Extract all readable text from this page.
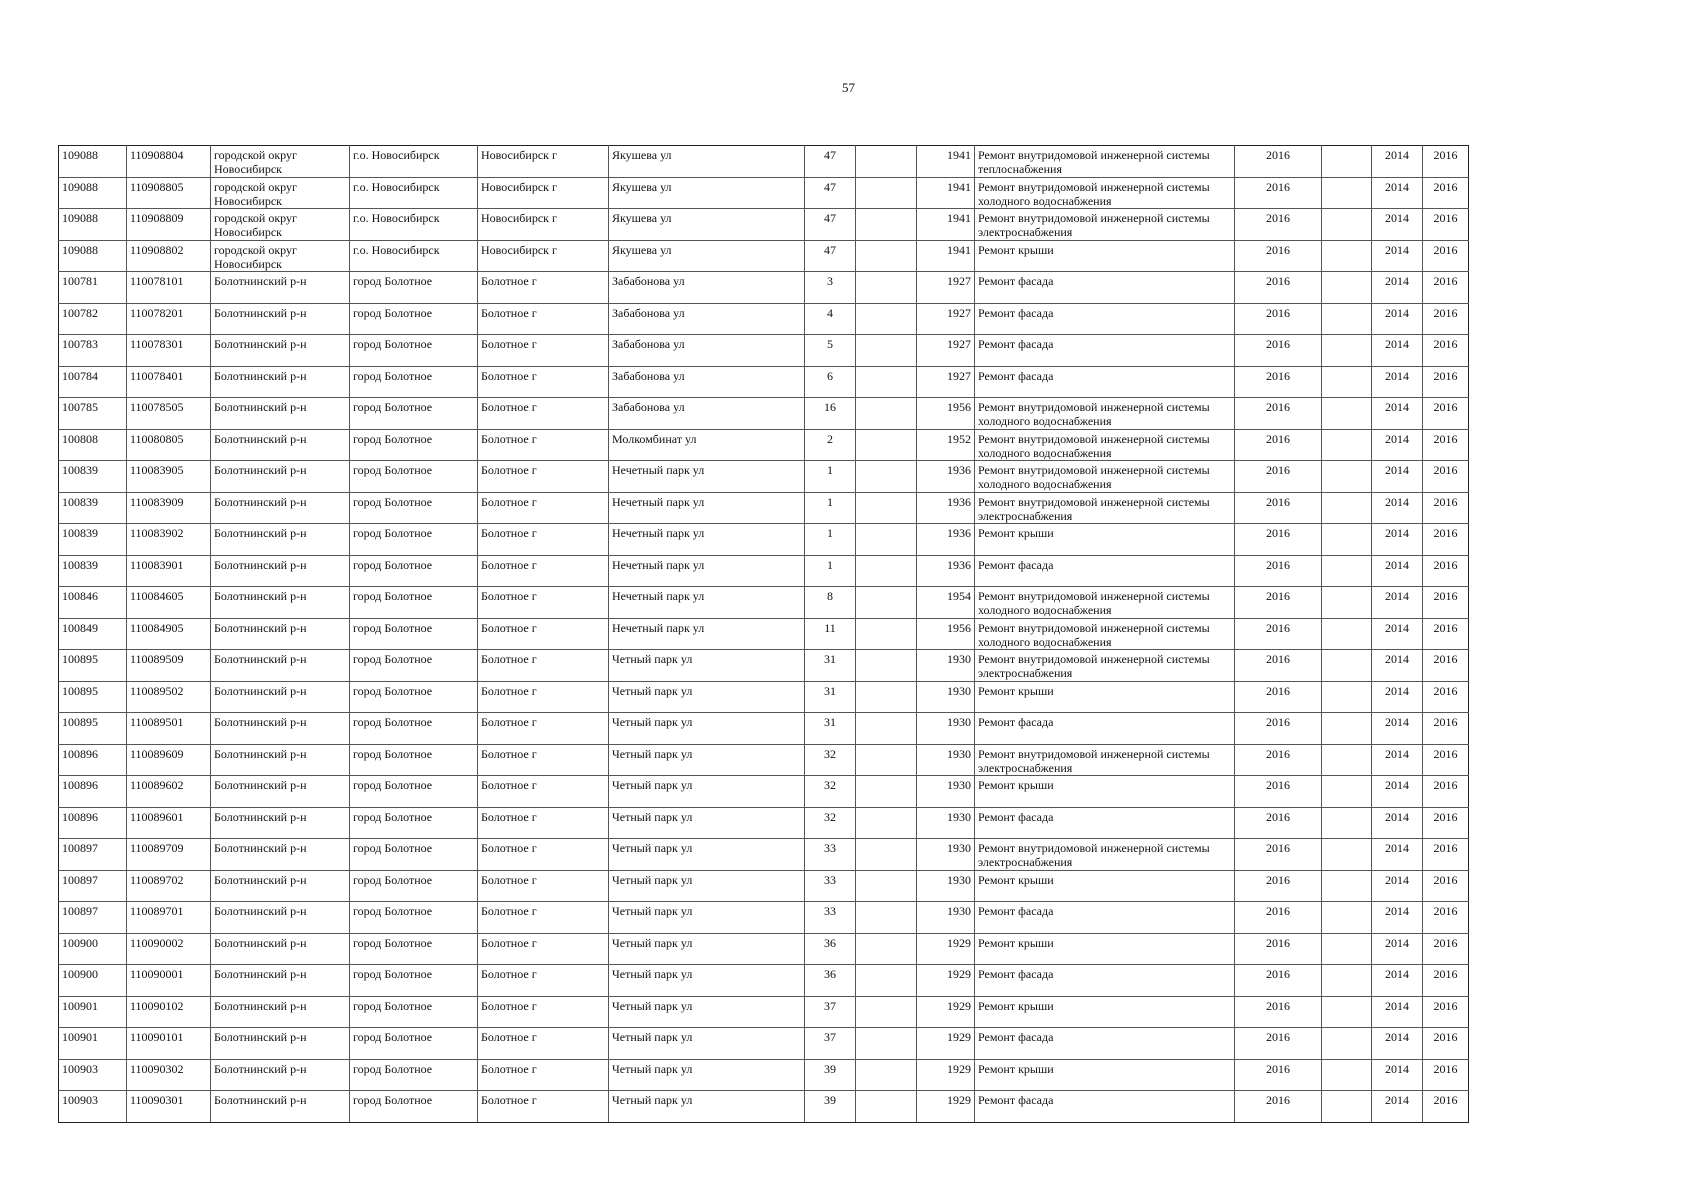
57
109088	110908804	городской округ Новосибирск	г.о. Новосибирск	Новосибирск г	Якушева ул	47		1941	Ремонт внутридомовой инженерной системы теплоснабжения	2016		2014	2016
109088	110908805	городской округ Новосибирск	г.о. Новосибирск	Новосибирск г	Якушева ул	47		1941	Ремонт внутридомовой инженерной системы холодного водоснабжения	2016		2014	2016
109088	110908809	городской округ Новосибирск	г.о. Новосибирск	Новосибирск г	Якушева ул	47		1941	Ремонт внутридомовой инженерной системы электроснабжения	2016		2014	2016
109088	110908802	городской округ Новосибирск	г.о. Новосибирск	Новосибирск г	Якушева ул	47		1941	Ремонт крыши	2016		2014	2016
100781	110078101	Болотнинский р-н	город Болотное	Болотное г	Забабонова ул	3		1927	Ремонт фасада	2016		2014	2016
100782	110078201	Болотнинский р-н	город Болотное	Болотное г	Забабонова ул	4		1927	Ремонт фасада	2016		2014	2016
100783	110078301	Болотнинский р-н	город Болотное	Болотное г	Забабонова ул	5		1927	Ремонт фасада	2016		2014	2016
100784	110078401	Болотнинский р-н	город Болотное	Болотное г	Забабонова ул	6		1927	Ремонт фасада	2016		2014	2016
100785	110078505	Болотнинский р-н	город Болотное	Болотное г	Забабонова ул	16		1956	Ремонт внутридомовой инженерной системы холодного водоснабжения	2016		2014	2016
100808	110080805	Болотнинский р-н	город Болотное	Болотное г	Молкомбинат ул	2		1952	Ремонт внутридомовой инженерной системы холодного водоснабжения	2016		2014	2016
100839	110083905	Болотнинский р-н	город Болотное	Болотное г	Нечетный парк ул	1		1936	Ремонт внутридомовой инженерной системы холодного водоснабжения	2016		2014	2016
100839	110083909	Болотнинский р-н	город Болотное	Болотное г	Нечетный парк ул	1		1936	Ремонт внутридомовой инженерной системы электроснабжения	2016		2014	2016
100839	110083902	Болотнинский р-н	город Болотное	Болотное г	Нечетный парк ул	1		1936	Ремонт крыши	2016		2014	2016
100839	110083901	Болотнинский р-н	город Болотное	Болотное г	Нечетный парк ул	1		1936	Ремонт фасада	2016		2014	2016
100846	110084605	Болотнинский р-н	город Болотное	Болотное г	Нечетный парк ул	8		1954	Ремонт внутридомовой инженерной системы холодного водоснабжения	2016		2014	2016
100849	110084905	Болотнинский р-н	город Болотное	Болотное г	Нечетный парк ул	11		1956	Ремонт внутридомовой инженерной системы холодного водоснабжения	2016		2014	2016
100895	110089509	Болотнинский р-н	город Болотное	Болотное г	Четный парк ул	31		1930	Ремонт внутридомовой инженерной системы электроснабжения	2016		2014	2016
100895	110089502	Болотнинский р-н	город Болотное	Болотное г	Четный парк ул	31		1930	Ремонт крыши	2016		2014	2016
100895	110089501	Болотнинский р-н	город Болотное	Болотное г	Четный парк ул	31		1930	Ремонт фасада	2016		2014	2016
100896	110089609	Болотнинский р-н	город Болотное	Болотное г	Четный парк ул	32		1930	Ремонт внутридомовой инженерной системы электроснабжения	2016		2014	2016
100896	110089602	Болотнинский р-н	город Болотное	Болотное г	Четный парк ул	32		1930	Ремонт крыши	2016		2014	2016
100896	110089601	Болотнинский р-н	город Болотное	Болотное г	Четный парк ул	32		1930	Ремонт фасада	2016		2014	2016
100897	110089709	Болотнинский р-н	город Болотное	Болотное г	Четный парк ул	33		1930	Ремонт внутридомовой инженерной системы электроснабжения	2016		2014	2016
100897	110089702	Болотнинский р-н	город Болотное	Болотное г	Четный парк ул	33		1930	Ремонт крыши	2016		2014	2016
100897	110089701	Болотнинский р-н	город Болотное	Болотное г	Четный парк ул	33		1930	Ремонт фасада	2016		2014	2016
100900	110090002	Болотнинский р-н	город Болотное	Болотное г	Четный парк ул	36		1929	Ремонт крыши	2016		2014	2016
100900	110090001	Болотнинский р-н	город Болотное	Болотное г	Четный парк ул	36		1929	Ремонт фасада	2016		2014	2016
100901	110090102	Болотнинский р-н	город Болотное	Болотное г	Четный парк ул	37		1929	Ремонт крыши	2016		2014	2016
100901	110090101	Болотнинский р-н	город Болотное	Болотное г	Четный парк ул	37		1929	Ремонт фасада	2016		2014	2016
100903	110090302	Болотнинский р-н	город Болотное	Болотное г	Четный парк ул	39		1929	Ремонт крыши	2016		2014	2016
100903	110090301	Болотнинский р-н	город Болотное	Болотное г	Четный парк ул	39		1929	Ремонт фасада	2016		2014	2016
